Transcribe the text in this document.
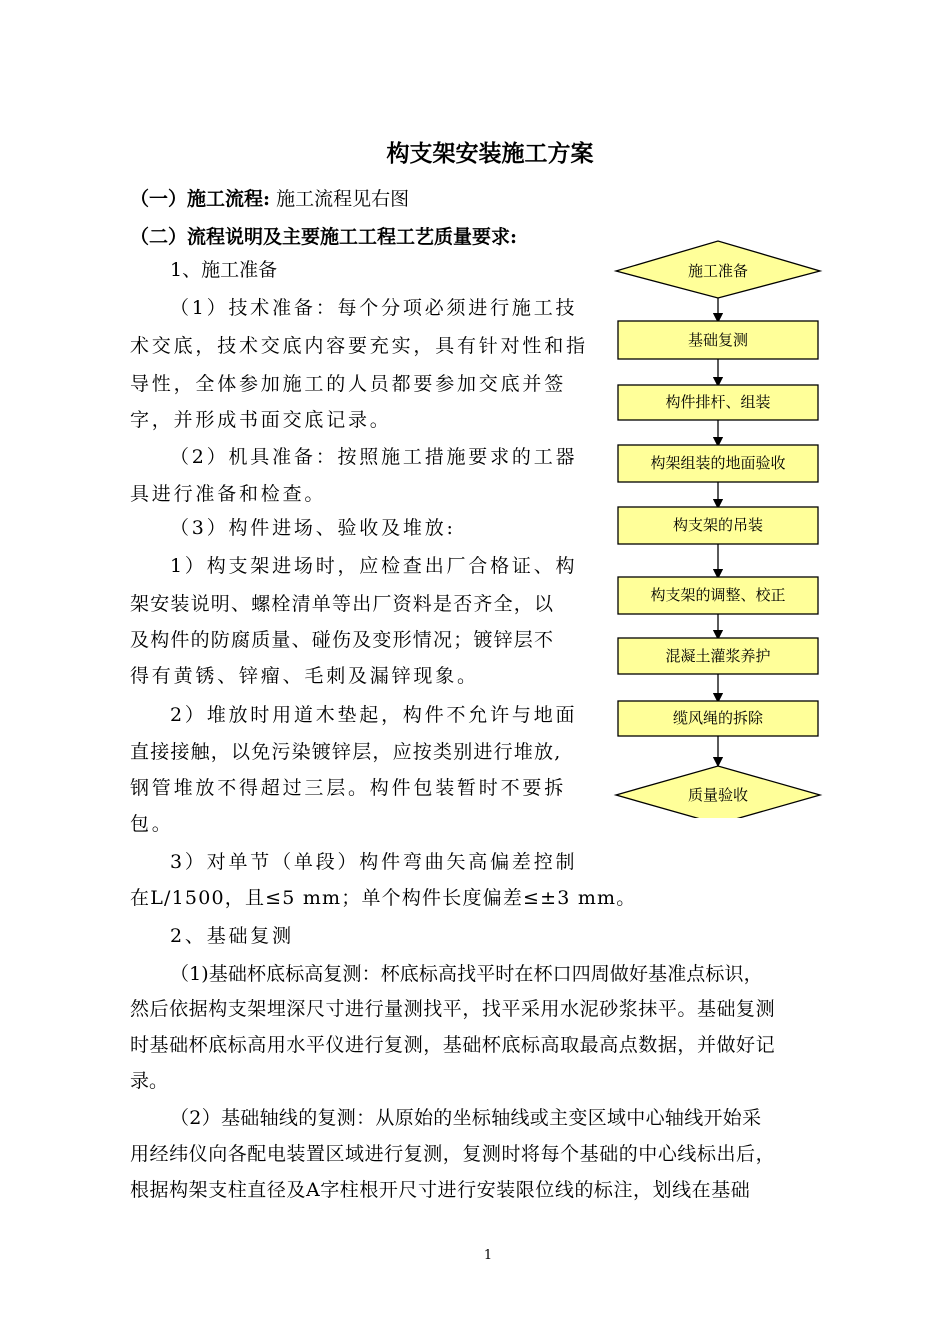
构支架安装施工方案
（一）施工流程: 施工流程见右图
（二）流程说明及主要施工工程工艺质量要求:
1、施工准备
（1）技术准备：每个分项必须进行施工技
术交底，技术交底内容要充实，具有针对性和指
导性，全体参加施工的人员都要参加交底并签
字，并形成书面交底记录。
（2）机具准备：按照施工措施要求的工器
具进行准备和检查。
（3）构件进场、验收及堆放:
1）构支架进场时，应检查出厂合格证、构
架安装说明、螺栓清单等出厂资料是否齐全，以
及构件的防腐质量、碰伤及变形情况；镀锌层不
得有黄锈、锌瘤、毛刺及漏锌现象。
2）堆放时用道木垫起，构件不允许与地面
直接接触，以免污染镀锌层，应按类别进行堆放,
钢管堆放不得超过三层。构件包装暂时不要拆
包。
3）对单节（单段）构件弯曲矢高偏差控制
在L/1500，且≤5 mm；单个构件长度偏差≤±3 mm。
2、基础复测
（1)基础杯底标高复测：杯底标高找平时在杯口四周做好基准点标识，
然后依据构支架埋深尺寸进行量测找平，找平采用水泥砂浆抹平。基础复测
时基础杯底标高用水平仪进行复测，基础杯底标高取最高点数据，并做好记
录。
（2）基础轴线的复测：从原始的坐标轴线或主变区域中心轴线开始采
用经纬仪向各配电装置区域进行复测，复测时将每个基础的中心线标出后，
根据构架支柱直径及A字柱根开尺寸进行安装限位线的标注，划线在基础
施工准备
基础复测
构件排杆、组装
构架组装的地面验收
构支架的吊装
构支架的调整、校正
混凝土灌浆养护
缆风绳的拆除
质量验收
1
